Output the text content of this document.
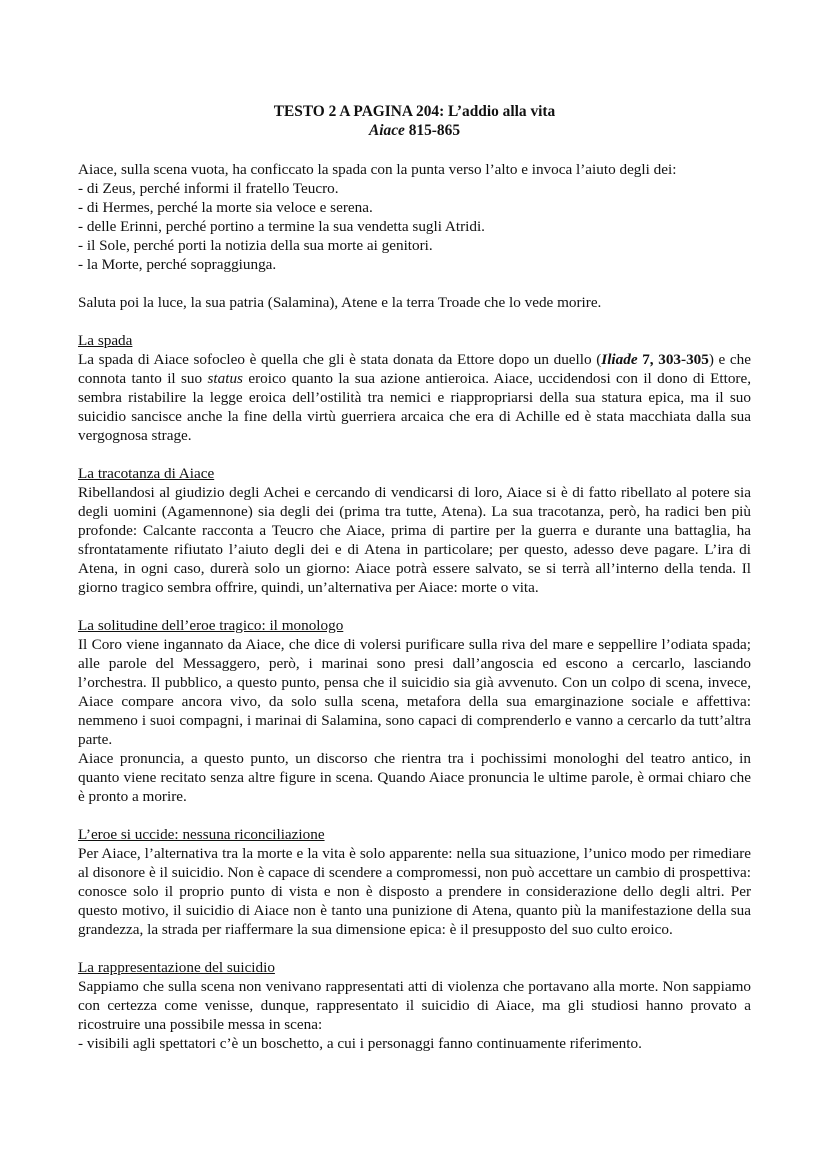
TESTO 2 A PAGINA 204: L’addio alla vita
Aiace 815-865

Aiace, sulla scena vuota, ha conficcato la spada con la punta verso l’alto e invoca l’aiuto degli dei:

- di Zeus, perché informi il fratello Teucro.

- di Hermes, perché la morte sia veloce e serena.

- delle Erinni, perché portino a termine la sua vendetta sugli Atridi.

- il Sole, perché porti la notizia della sua morte ai genitori.

- la Morte, perché sopraggiunga.

Saluta poi la luce, la sua patria (Salamina), Atene e la terra Troade che lo vede morire.

La spada

La spada di Aiace sofocleo è quella che gli è stata donata da Ettore dopo un duello (Iliade 7, 303-305) e che connota tanto il suo status eroico quanto la sua azione antieroica. Aiace, uccidendosi con il dono di Ettore, sembra ristabilire la legge eroica dell’ostilità tra nemici e riappropriarsi della sua statura epica, ma il suo suicidio sancisce anche la fine della virtù guerriera arcaica che era di Achille ed è stata macchiata dalla sua vergognosa strage.

La tracotanza di Aiace

Ribellandosi al giudizio degli Achei e cercando di vendicarsi di loro, Aiace si è di fatto ribellato al potere sia degli uomini (Agamennone) sia degli dei (prima tra tutte, Atena). La sua tracotanza, però, ha radici ben più profonde: Calcante racconta a Teucro che Aiace, prima di partire per la guerra e durante una battaglia, ha sfrontatamente rifiutato l’aiuto degli dei e di Atena in particolare; per questo, adesso deve pagare. L’ira di Atena, in ogni caso, durerà solo un giorno: Aiace potrà essere salvato, se si terrà all’interno della tenda. Il giorno tragico sembra offrire, quindi, un’alternativa per Aiace: morte o vita.

La solitudine dell’eroe tragico: il monologo

Il Coro viene ingannato da Aiace, che dice di volersi purificare sulla riva del mare e seppellire l’odiata spada; alle parole del Messaggero, però, i marinai sono presi dall’angoscia ed escono a cercarlo, lasciando l’orchestra. Il pubblico, a questo punto, pensa che il suicidio sia già avvenuto. Con un colpo di scena, invece, Aiace compare ancora vivo, da solo sulla scena, metafora della sua emarginazione sociale e affettiva: nemmeno i suoi compagni, i marinai di Salamina, sono capaci di comprenderlo e vanno a cercarlo da tutt’altra parte.

Aiace pronuncia, a questo punto, un discorso che rientra tra i pochissimi monologhi del teatro antico, in quanto viene recitato senza altre figure in scena. Quando Aiace pronuncia le ultime parole, è ormai chiaro che è pronto a morire.

L’eroe si uccide: nessuna riconciliazione

Per Aiace, l’alternativa tra la morte e la vita è solo apparente: nella sua situazione, l’unico modo per rimediare al disonore è il suicidio. Non è capace di scendere a compromessi, non può accettare un cambio di prospettiva: conosce solo il proprio punto di vista e non è disposto a prendere in considerazione dello degli altri. Per questo motivo, il suicidio di Aiace non è tanto una punizione di Atena, quanto più la manifestazione della sua grandezza, la strada per riaffermare la sua dimensione epica: è il presupposto del suo culto eroico.

La rappresentazione del suicidio

Sappiamo che sulla scena non venivano rappresentati atti di violenza che portavano alla morte. Non sappiamo con certezza come venisse, dunque, rappresentato il suicidio di Aiace, ma gli studiosi hanno provato a ricostruire una possibile messa in scena:

- visibili agli spettatori c’è un boschetto, a cui i personaggi fanno continuamente riferimento.
